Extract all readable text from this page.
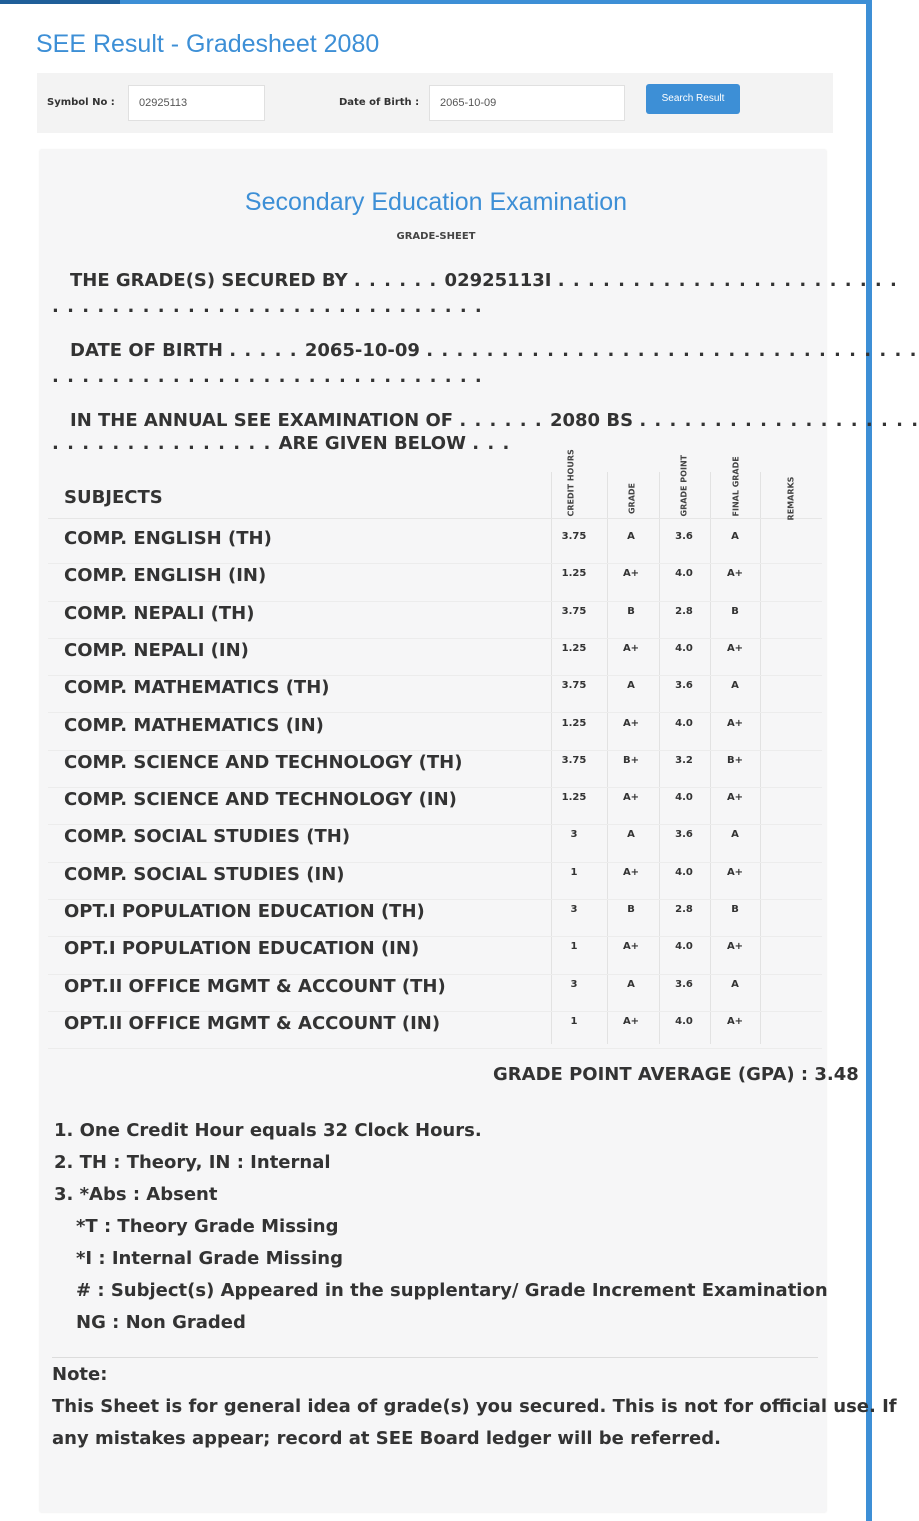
SEE Result - Gradesheet 2080
Symbol No :	02925113	Date of Birth :	2065-10-09	Search Result
Secondary Education Examination
GRADE-SHEET
THE GRADE(S) SECURED BY . . . . . . 02925113I . . . . . . . . . . . . . . . . . . . . . . .
. . . . . . . . . . . . . . . . . . . . . . . . . . . . .
DATE OF BIRTH . . . . . 2065-10-09 . . . . . . . . . . . . . . . . . . . . . . . . . . . . . . . . .
. . . . . . . . . . . . . . . . . . . . . . . . . . . . .
IN THE ANNUAL SEE EXAMINATION OF . . . . . . 2080 BS . . . . . . . . . . . . . . . . . . .
. . . . . . . . . . . . . . . ARE GIVEN BELOW . . .
SUBJECTS	CREDIT HOURS	GRADE	GRADE POINT	FINAL GRADE	REMARKS
COMP. ENGLISH (TH)	3.75	A	3.6	A
COMP. ENGLISH (IN)	1.25	A+	4.0	A+
COMP. NEPALI (TH)	3.75	B	2.8	B
COMP. NEPALI (IN)	1.25	A+	4.0	A+
COMP. MATHEMATICS (TH)	3.75	A	3.6	A
COMP. MATHEMATICS (IN)	1.25	A+	4.0	A+
COMP. SCIENCE AND TECHNOLOGY (TH)	3.75	B+	3.2	B+
COMP. SCIENCE AND TECHNOLOGY (IN)	1.25	A+	4.0	A+
COMP. SOCIAL STUDIES (TH)	3	A	3.6	A
COMP. SOCIAL STUDIES (IN)	1	A+	4.0	A+
OPT.I POPULATION EDUCATION (TH)	3	B	2.8	B
OPT.I POPULATION EDUCATION (IN)	1	A+	4.0	A+
OPT.II OFFICE MGMT & ACCOUNT (TH)	3	A	3.6	A
OPT.II OFFICE MGMT & ACCOUNT (IN)	1	A+	4.0	A+
GRADE POINT AVERAGE (GPA) : 3.48
1. One Credit Hour equals 32 Clock Hours.
2. TH : Theory, IN : Internal
3. *Abs : Absent
*T : Theory Grade Missing
*I : Internal Grade Missing
# : Subject(s) Appeared in the supplentary/ Grade Increment Examination
NG : Non Graded
Note:
This Sheet is for general idea of grade(s) you secured. This is not for official use. If
any mistakes appear; record at SEE Board ledger will be referred.
